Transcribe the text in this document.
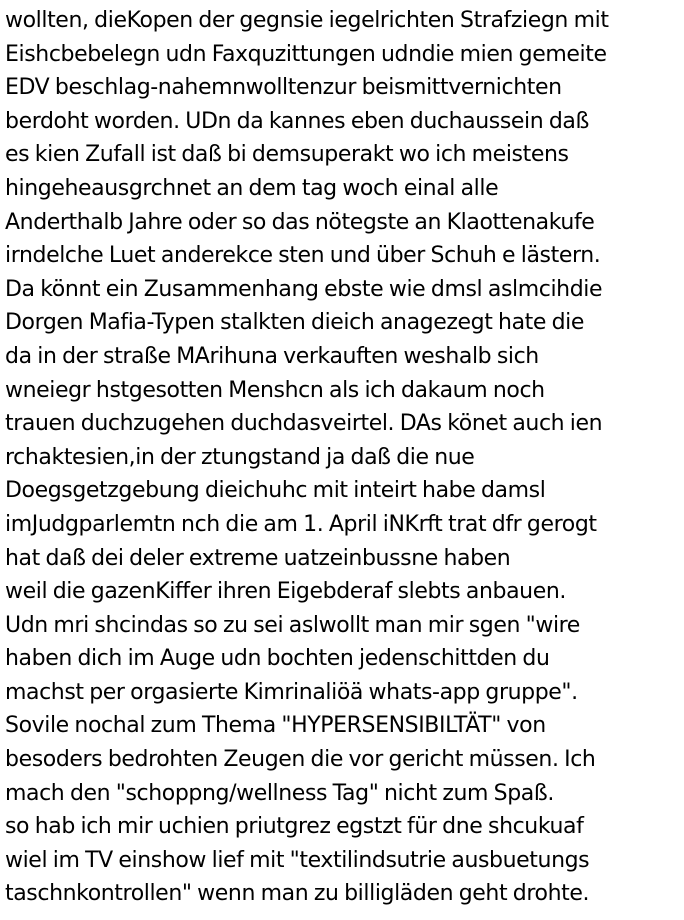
wollten, dieKopen der gegnsie iegelrichten Strafziegn mit
Eishcbebelegn udn Faxquzittungen udndie mien gemeite
EDV beschlag-nahemnwolltenzur beismittvernichten
berdoht worden. UDn da kannes eben duchaussein daß
es kien Zufall ist daß bi demsuperakt wo ich meistens
hingeheausgrchnet an dem tag woch einal alle
Anderthalb Jahre oder so das nötegste an Klaottenakufe
irndelche Luet anderekce sten und über Schuh e lästern.
Da könnt ein Zusammenhang ebste wie dmsl aslmcihdie
Dorgen Mafia-Typen stalkten dieich anagezegt hate die
da in der straße MArihuna verkauften weshalb sich
wneiegr hstgesotten Menshcn als ich dakaum noch
trauen duchzugehen duchdasveirtel. DAs könet auch ien
rchaktesien,in der ztungstand ja daß die nue
Doegsgetzgebung dieichuhc mit inteirt habe damsl
imJudgparlemtn nch die am 1. April iNKrft trat dfr gerogt
hat daß dei deler extreme uatzeinbussne haben
weil die gazenKiffer ihren Eigebderaf slebts anbauen.
Udn mri shcindas so zu sei aslwollt man mir sgen "wire
haben dich im Auge udn bochten jedenschittden du
machst per orgasierte Kimrinaliöä whats-app gruppe".
Sovile nochal zum Thema "HYPERSENSIBILTÄT" von
besoders bedrohten Zeugen die vor gericht müssen. Ich
mach den "schoppng/wellness Tag" nicht zum Spaß.
so hab ich mir uchien priutgrez egstzt für dne shcukuaf
wiel im TV einshow lief mit "textilindsutrie ausbuetungs
taschnkontrollen" wenn man zu billigläden geht drohte.
